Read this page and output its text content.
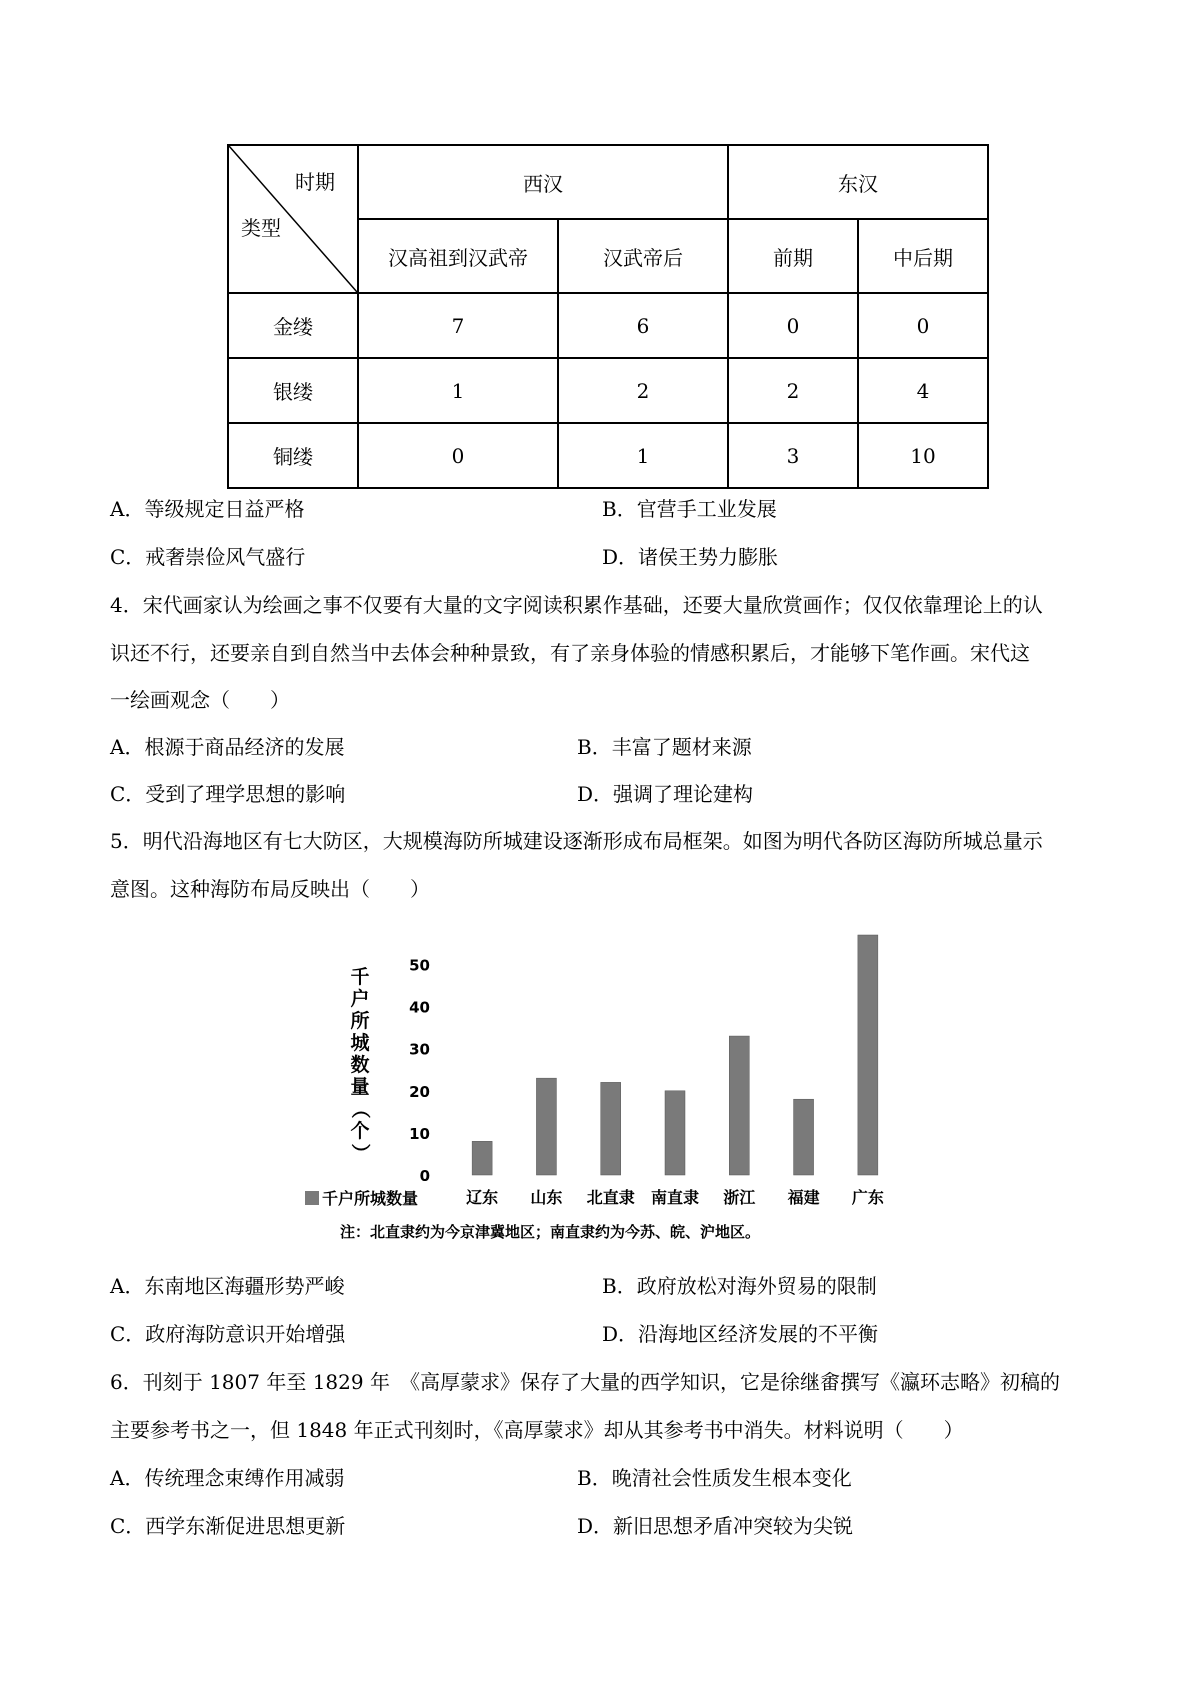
时期
类型	西汉		东汉	
	汉高祖到汉武帝	汉武帝后	前期	中后期
金缕	7	6	0	0
银缕	1	2	2	4
铜缕	0	1	3	10
A．等级规定日益严格	B．官营手工业发展
C．戒奢崇俭风气盛行	D．诸侯王势力膨胀
4．宋代画家认为绘画之事不仅要有大量的文字阅读积累作基础，还要大量欣赏画作；仅仅依靠理论上的认
识还不行，还要亲自到自然当中去体会种种景致，有了亲身体验的情感积累后，才能够下笔作画。宋代这
一绘画观念（　　）
A．根源于商品经济的发展	B．丰富了题材来源
C．受到了理学思想的影响	D．强调了理论建构
5．明代沿海地区有七大防区，大规模海防所城建设逐渐形成布局框架。如图为明代各防区海防所城总量示
意图。这种海防布局反映出（　　）
0
10
20
30
40
50
千
户
所
城
数
量
（
个
）
辽东 山东 北直隶 南直隶 浙江 福建 广东
千户所城数量
注：北直隶约为今京津冀地区；南直隶约为今苏、皖、沪地区。
A．东南地区海疆形势严峻	B．政府放松对海外贸易的限制
C．政府海防意识开始增强	D．沿海地区经济发展的不平衡
6．刊刻于 1807 年至 1829 年　《高厚蒙求》保存了大量的西学知识，它是徐继畬撰写《瀛环志略》初稿的
主要参考书之一，但 1848 年正式刊刻时，《高厚蒙求》却从其参考书中消失。材料说明（　　）
A．传统理念束缚作用减弱	B．晚清社会性质发生根本变化
C．西学东渐促进思想更新	D．新旧思想矛盾冲突较为尖锐
